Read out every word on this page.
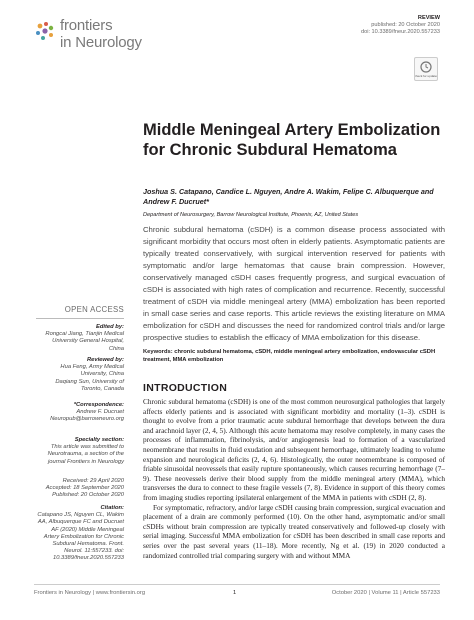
frontiers
in Neurology
REVIEW
published: 20 October 2020
doi: 10.3389/fneur.2020.557233
Check for updates
Middle Meningeal Artery Embolization for Chronic Subdural Hematoma
Joshua S. Catapano, Candice L. Nguyen, Andre A. Wakim, Felipe C. Albuquerque and Andrew F. Ducruet*
Department of Neurosurgery, Barrow Neurological Institute, Phoenix, AZ, United States
Chronic subdural hematoma (cSDH) is a common disease process associated with significant morbidity that occurs most often in elderly patients. Asymptomatic patients are typically treated conservatively, with surgical intervention reserved for patients with symptomatic and/or large hematomas that cause brain compression. However, conservatively managed cSDH cases frequently progress, and surgical evacuation of cSDH is associated with high rates of complication and recurrence. Recently, successful treatment of cSDH via middle meningeal artery (MMA) embolization has been reported in small case series and case reports. This article reviews the existing literature on MMA embolization for cSDH and discusses the need for randomized control trials and/or large prospective studies to establish the efficacy of MMA embolization for this disease.
Keywords: chronic subdural hematoma, cSDH, middle meningeal artery embolization, endovascular cSDH treatment, MMA embolization
OPEN ACCESS
Edited by:
Rongcai Jiang, Tianjin Medical University General Hospital, China
Reviewed by:
Hua Feng, Army Medical University, China
Daqiang Sun, University of Toronto, Canada
*Correspondence:
Andrew F. Ducruet
Neuropub@barrowneuro.org
Specialty section:
This article was submitted to Neurotrauma, a section of the journal Frontiers in Neurology
Received: 29 April 2020
Accepted: 18 September 2020
Published: 20 October 2020
Citation:
Catapano JS, Nguyen CL, Wakim AA, Albuquerque FC and Ducruet AF (2020) Middle Meningeal Artery Embolization for Chronic Subdural Hematoma. Front. Neurol. 11:557233. doi: 10.3389/fneur.2020.557233
INTRODUCTION

Chronic subdural hematoma (cSDH) is one of the most common neurosurgical pathologies that largely affects elderly patients and is associated with significant morbidity and mortality (1–3). cSDH is thought to evolve from a prior traumatic acute subdural hemorrhage that develops between the dura and arachnoid layer (2, 4, 5). Although this acute hematoma may resolve completely, in many cases the processes of inflammation, fibrinolysis, and/or angiogenesis lead to formation of a vascularized neomembrane that results in fluid exudation and subsequent hemorrhage, ultimately leading to volume expansion and neurological deficits (2, 4, 6). Histologically, the outer neomembrane is composed of friable sinusoidal neovessels that easily rupture spontaneously, which causes recurring hemorrhage (7–9). These neovessels derive their blood supply from the middle meningeal artery (MMA), which transverses the dura to connect to these fragile vessels (7, 8). Evidence in support of this theory comes from imaging studies reporting ipsilateral enlargement of the MMA in patients with cSDH (2, 8).

For symptomatic, refractory, and/or large cSDH causing brain compression, surgical evacuation and placement of a drain are commonly performed (10). On the other hand, asymptomatic and/or small cSDHs without brain compression are typically treated conservatively and followed-up closely with serial imaging. Successful MMA embolization for cSDH has been described in small case reports and series over the past several years (11–18). More recently, Ng et al. (19) in 2020 conducted a randomized controlled trial comparing surgery with and without MMA

Frontiers in Neurology | www.frontiersin.org	1	October 2020 | Volume 11 | Article 557233
